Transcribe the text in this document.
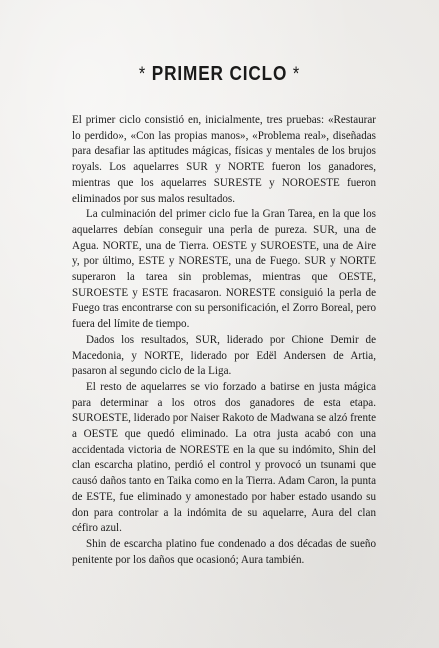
* PRIMER CICLO *

El primer ciclo consistió en, inicialmente, tres pruebas: «Restaurar lo perdido», «Con las propias manos», «Problema real», diseñadas para desafiar las aptitudes mágicas, físicas y mentales de los brujos royals. Los aquelarres SUR y NORTE fueron los ganadores, mientras que los aquelarres SURESTE y NOROESTE fueron eliminados por sus malos resultados.

La culminación del primer ciclo fue la Gran Tarea, en la que los aquelarres debían conseguir una perla de pureza. SUR, una de Agua. NORTE, una de Tierra. OESTE y SUROESTE, una de Aire y, por último, ESTE y NORESTE, una de Fuego. SUR y NORTE superaron la tarea sin problemas, mientras que OESTE, SUROESTE y ESTE fracasaron. NORESTE consiguió la perla de Fuego tras encontrarse con su personificación, el Zorro Boreal, pero fuera del límite de tiempo.

Dados los resultados, SUR, liderado por Chione Demir de Macedonia, y NORTE, liderado por Edël Andersen de Artia, pasaron al segundo ciclo de la Liga.

El resto de aquelarres se vio forzado a batirse en justa mágica para determinar a los otros dos ganadores de esta etapa. SUROESTE, liderado por Naiser Rakoto de Madwana se alzó frente a OESTE que quedó eliminado. La otra justa acabó con una accidentada victoria de NORESTE en la que su indómito, Shin del clan escarcha platino, perdió el control y provocó un tsunami que causó daños tanto en Taika como en la Tierra. Adam Caron, la punta de ESTE, fue eliminado y amonestado por haber estado usando su don para controlar a la indómita de su aquelarre, Aura del clan céfiro azul.

Shin de escarcha platino fue condenado a dos décadas de sueño penitente por los daños que ocasionó; Aura también.
